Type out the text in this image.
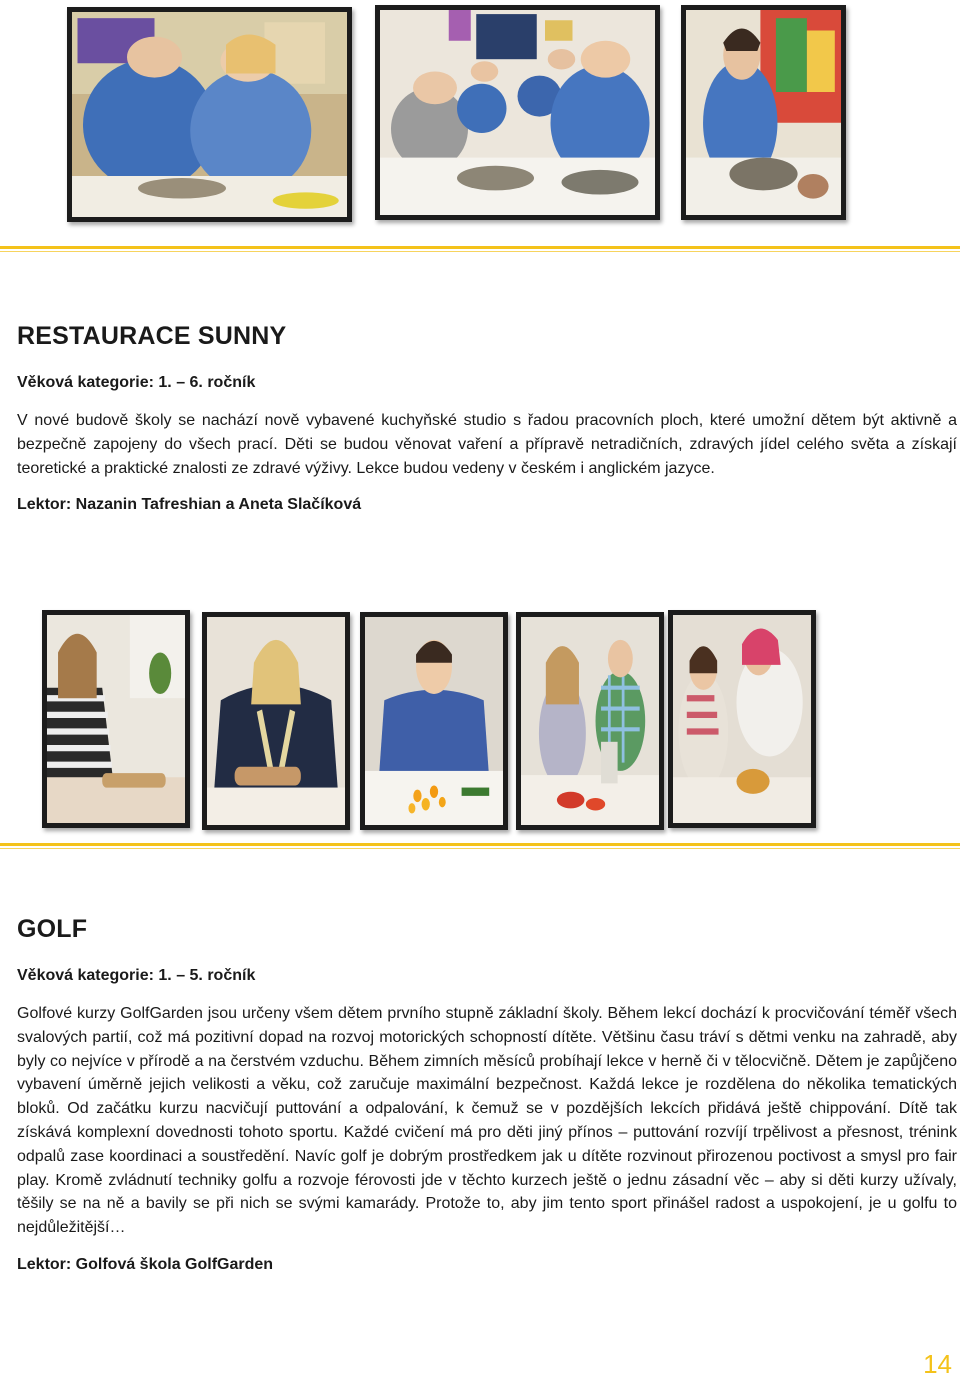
RESTAURACE SUNNY

Věková kategorie: 1. – 6. ročník

V nové budově školy se nachází nově vybavené kuchyňské studio s řadou pracovních ploch, které umožní dětem být aktivně a bezpečně zapojeny do všech prací. Děti se budou věnovat vaření a přípravě netradičních, zdravých jídel celého světa a získají teoretické a praktické znalosti ze zdravé výživy. Lekce budou vedeny v českém i anglickém jazyce.

Lektor: Nazanin Tafreshian a Aneta Slačíková

GOLF

Věková kategorie: 1. – 5. ročník

Golfové kurzy GolfGarden jsou určeny všem dětem prvního stupně základní školy. Během lekcí dochází k procvičování téměř všech svalových partií, což má pozitivní dopad na rozvoj motorických schopností dítěte. Většinu času tráví s dětmi venku na zahradě, aby byly co nejvíce v přírodě a na čerstvém vzduchu. Během zimních měsíců probíhají lekce v herně či v tělocvičně. Dětem je zapůjčeno vybavení úměrně jejich velikosti a věku, což zaručuje maximální bezpečnost. Každá lekce je rozdělena do několika tematických bloků. Od začátku kurzu nacvičují puttování a odpalování, k čemuž se v pozdějších lekcích přidává ještě chippování. Dítě tak získává komplexní dovednosti tohoto sportu. Každé cvičení má pro děti jiný přínos – puttování rozvíjí trpělivost a přesnost, trénink odpalů zase koordinaci a soustředění. Navíc golf je dobrým prostředkem jak u dítěte rozvinout přirozenou poctivost a smysl pro fair play. Kromě zvládnutí techniky golfu a rozvoje férovosti jde v těchto kurzech ještě o jednu zásadní věc – aby si děti kurzy užívaly, těšily se na ně a bavily se při nich se svými kamarády. Protože to, aby jim tento sport přinášel radost a uspokojení, je u golfu to nejdůležitější…

Lektor: Golfová škola GolfGarden

14
